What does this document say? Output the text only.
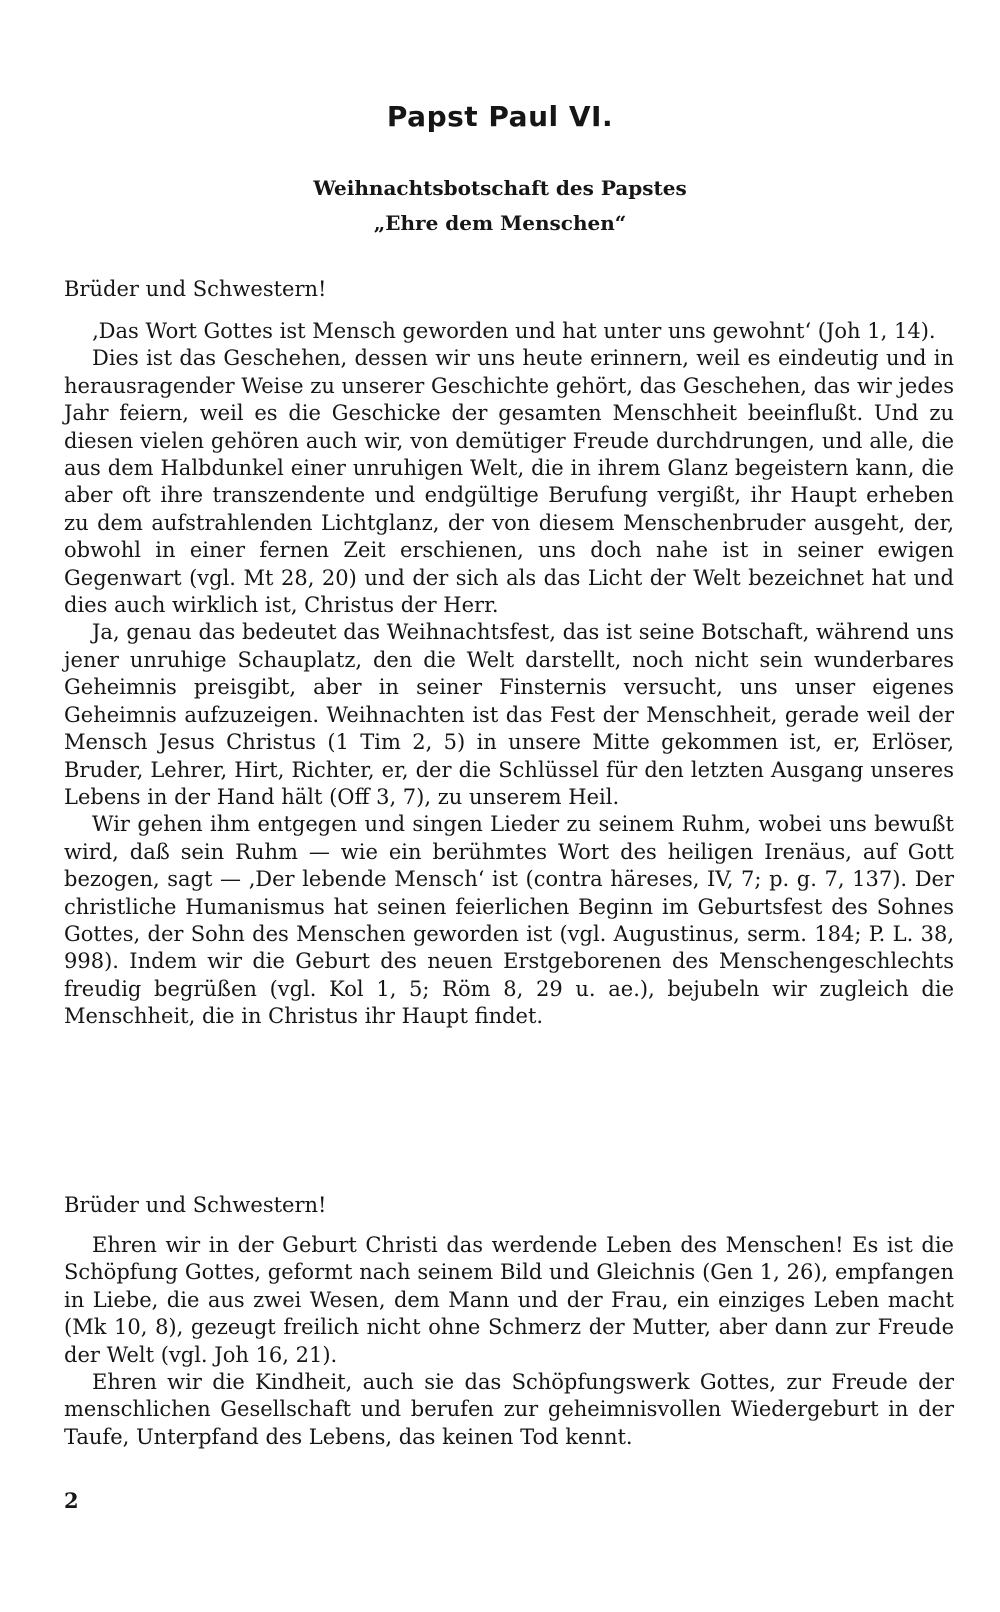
Papst Paul VI.
Weihnachtsbotschaft des Papstes
„Ehre dem Menschen“

Brüder und Schwestern!

‚Das Wort Gottes ist Mensch geworden und hat unter uns gewohnt‘ (Joh 1, 14).

Dies ist das Geschehen, dessen wir uns heute erinnern, weil es eindeutig und in herausragender Weise zu unserer Geschichte gehört, das Geschehen, das wir jedes Jahr feiern, weil es die Geschicke der gesamten Menschheit beeinflußt. Und zu diesen vielen gehören auch wir, von demütiger Freude durchdrungen, und alle, die aus dem Halbdunkel einer unruhigen Welt, die in ihrem Glanz begeistern kann, die aber oft ihre transzendente und endgültige Berufung vergißt, ihr Haupt erheben zu dem aufstrahlenden Lichtglanz, der von diesem Menschenbruder ausgeht, der, obwohl in einer fernen Zeit erschienen, uns doch nahe ist in seiner ewigen Gegenwart (vgl. Mt 28, 20) und der sich als das Licht der Welt bezeichnet hat und dies auch wirklich ist, Christus der Herr.

Ja, genau das bedeutet das Weihnachtsfest, das ist seine Botschaft, während uns jener unruhige Schauplatz, den die Welt darstellt, noch nicht sein wunderbares Geheimnis preisgibt, aber in seiner Finsternis versucht, uns unser eigenes Geheimnis aufzuzeigen. Weihnachten ist das Fest der Menschheit, gerade weil der Mensch Jesus Christus (1 Tim 2, 5) in unsere Mitte gekommen ist, er, Erlöser, Bruder, Lehrer, Hirt, Richter, er, der die Schlüssel für den letzten Ausgang unseres Lebens in der Hand hält (Off 3, 7), zu unserem Heil.

Wir gehen ihm entgegen und singen Lieder zu seinem Ruhm, wobei uns bewußt wird, daß sein Ruhm — wie ein berühmtes Wort des heiligen Irenäus, auf Gott bezogen, sagt — ‚Der lebende Mensch‘ ist (contra häreses, IV, 7; p. g. 7, 137). Der christliche Humanismus hat seinen feierlichen Beginn im Geburtsfest des Sohnes Gottes, der Sohn des Menschen geworden ist (vgl. Augustinus, serm. 184; P. L. 38, 998). Indem wir die Geburt des neuen Erstgeborenen des Menschengeschlechts freudig begrüßen (vgl. Kol 1, 5; Röm 8, 29 u. ae.), bejubeln wir zugleich die Menschheit, die in Christus ihr Haupt findet.

Brüder und Schwestern!

Ehren wir in der Geburt Christi das werdende Leben des Menschen! Es ist die Schöpfung Gottes, geformt nach seinem Bild und Gleichnis (Gen 1, 26), empfangen in Liebe, die aus zwei Wesen, dem Mann und der Frau, ein einziges Leben macht (Mk 10, 8), gezeugt freilich nicht ohne Schmerz der Mutter, aber dann zur Freude der Welt (vgl. Joh 16, 21).

Ehren wir die Kindheit, auch sie das Schöpfungswerk Gottes, zur Freude der menschlichen Gesellschaft und berufen zur geheimnisvollen Wiedergeburt in der Taufe, Unterpfand des Lebens, das keinen Tod kennt.

2
